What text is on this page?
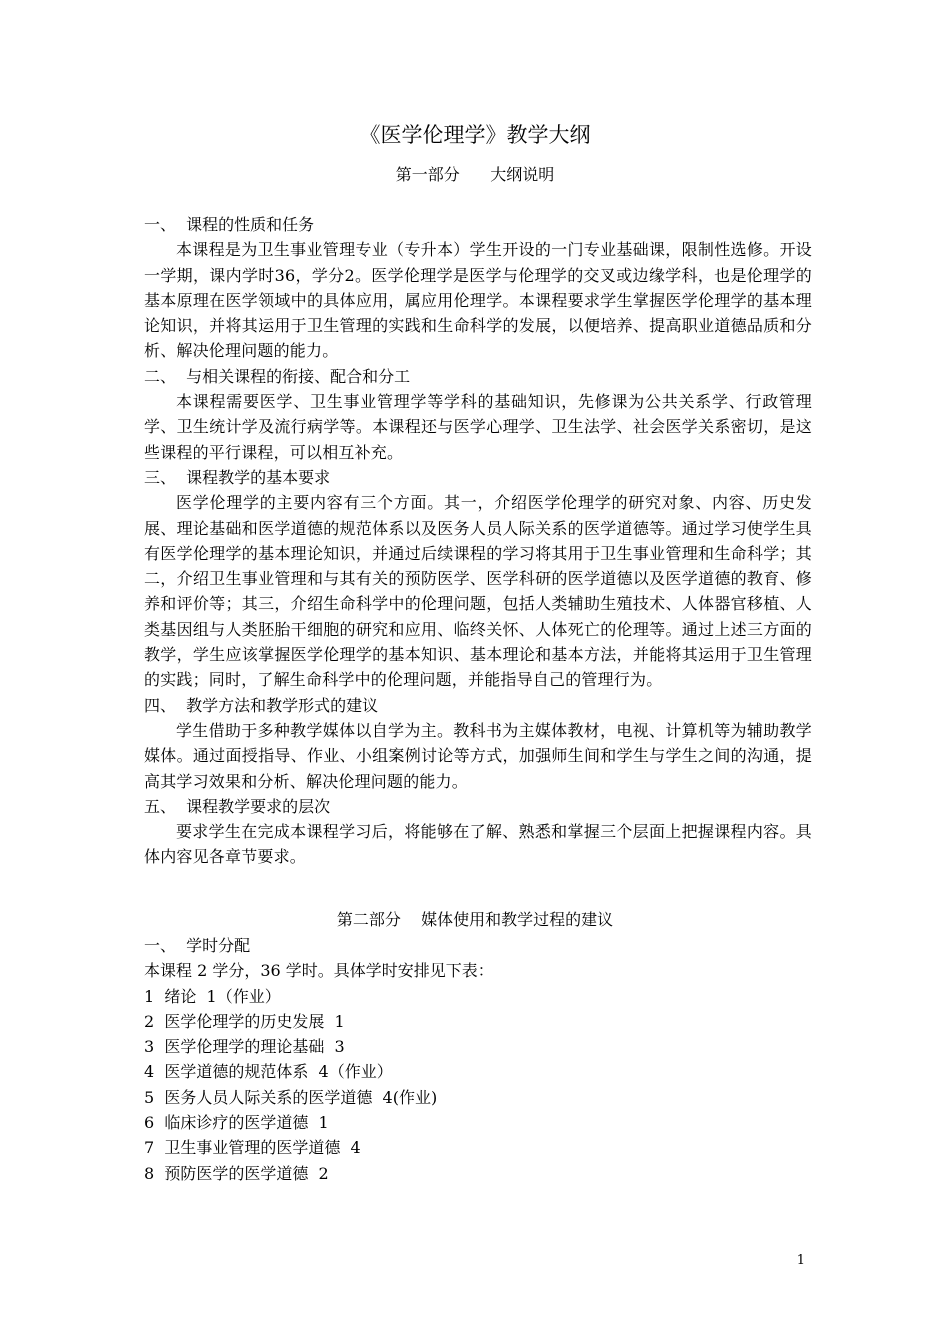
《医学伦理学》教学大纲
第一部分      大纲说明
一、  课程的性质和任务
本课程是为卫生事业管理专业（专升本）学生开设的一门专业基础课，限制性选修。开设一学期，课内学时36，学分2。医学伦理学是医学与伦理学的交叉或边缘学科，也是伦理学的基本原理在医学领域中的具体应用，属应用伦理学。本课程要求学生掌握医学伦理学的基本理论知识，并将其运用于卫生管理的实践和生命科学的发展，以便培养、提高职业道德品质和分析、解决伦理问题的能力。
二、  与相关课程的衔接、配合和分工
本课程需要医学、卫生事业管理学等学科的基础知识，先修课为公共关系学、行政管理学、卫生统计学及流行病学等。本课程还与医学心理学、卫生法学、社会医学关系密切，是这些课程的平行课程，可以相互补充。
三、  课程教学的基本要求
医学伦理学的主要内容有三个方面。其一，介绍医学伦理学的研究对象、内容、历史发展、理论基础和医学道德的规范体系以及医务人员人际关系的医学道德等。通过学习使学生具有医学伦理学的基本理论知识，并通过后续课程的学习将其用于卫生事业管理和生命科学；其二，介绍卫生事业管理和与其有关的预防医学、医学科研的医学道德以及医学道德的教育、修养和评价等；其三，介绍生命科学中的伦理问题，包括人类辅助生殖技术、人体器官移植、人类基因组与人类胚胎干细胞的研究和应用、临终关怀、人体死亡的伦理等。通过上述三方面的教学，学生应该掌握医学伦理学的基本知识、基本理论和基本方法，并能将其运用于卫生管理的实践；同时，了解生命科学中的伦理问题，并能指导自己的管理行为。
四、  教学方法和教学形式的建议
学生借助于多种教学媒体以自学为主。教科书为主媒体教材，电视、计算机等为辅助教学媒体。通过面授指导、作业、小组案例讨论等方式，加强师生间和学生与学生之间的沟通，提高其学习效果和分析、解决伦理问题的能力。
五、  课程教学要求的层次
要求学生在完成本课程学习后，将能够在了解、熟悉和掌握三个层面上把握课程内容。具体内容见各章节要求。
第二部分    媒体使用和教学过程的建议
一、  学时分配
本课程 2 学分，36 学时。具体学时安排见下表：
1  绪论  1（作业）
2  医学伦理学的历史发展  1
3  医学伦理学的理论基础  3
4  医学道德的规范体系  4（作业）
5  医务人员人际关系的医学道德  4(作业)
6  临床诊疗的医学道德  1
7  卫生事业管理的医学道德  4
8  预防医学的医学道德  2
1
